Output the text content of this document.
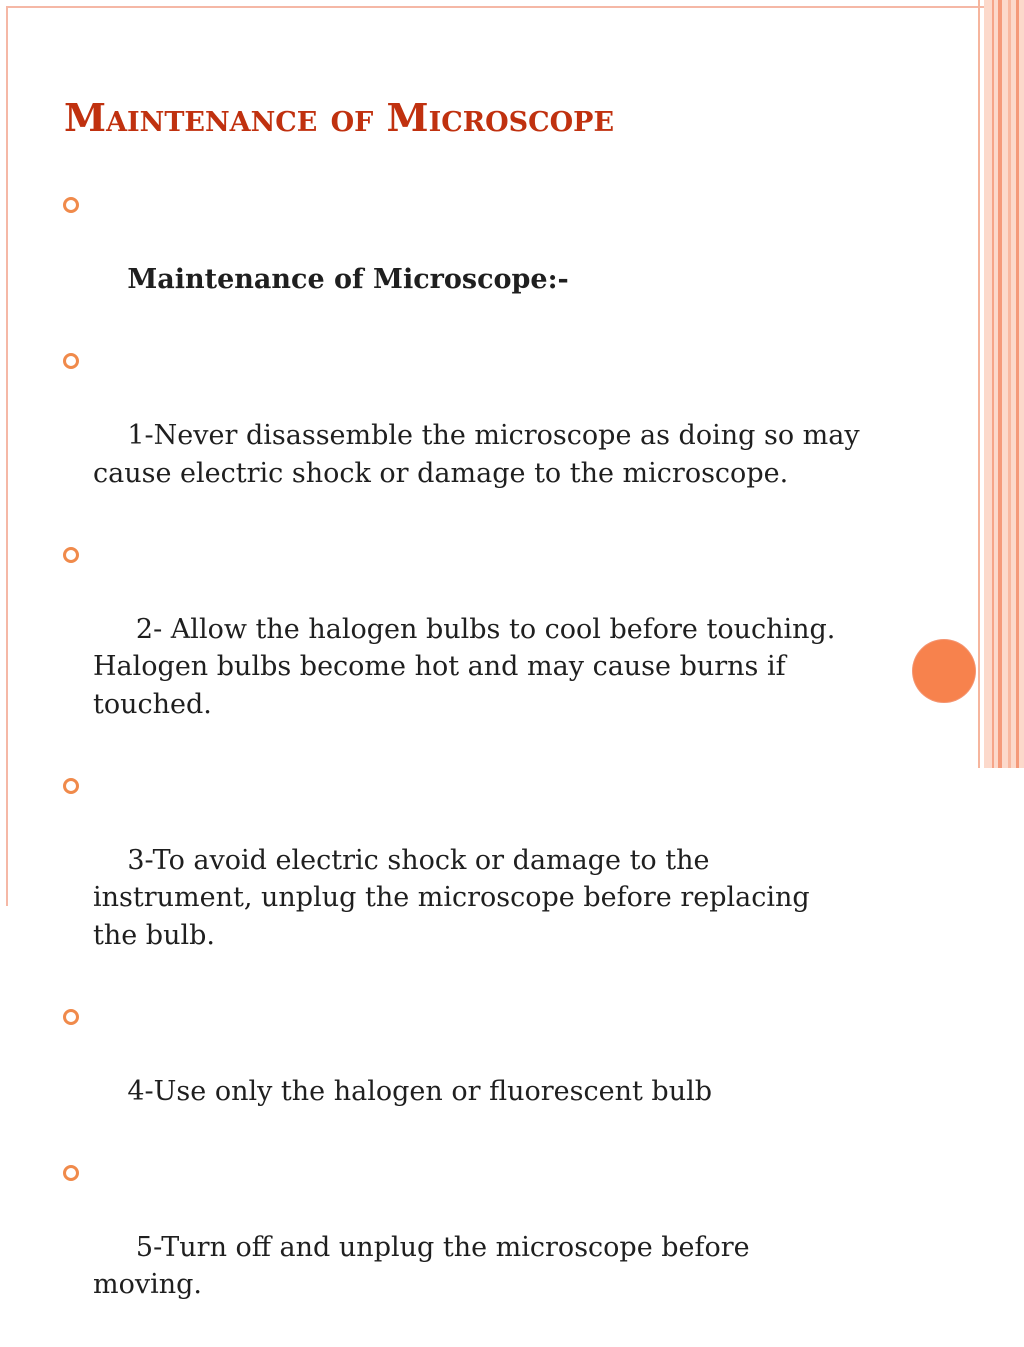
Maintenance of Microscope

Maintenance of Microscope:-

1-Never disassemble the microscope as doing so may cause electric shock or damage to the microscope.

2- Allow the halogen bulbs to cool before touching. Halogen bulbs become hot and may cause burns if touched.

3-To avoid electric shock or damage to the instrument, unplug the microscope before replacing the bulb.

4-Use only the halogen or fluorescent bulb

5-Turn off and unplug the microscope before moving.
